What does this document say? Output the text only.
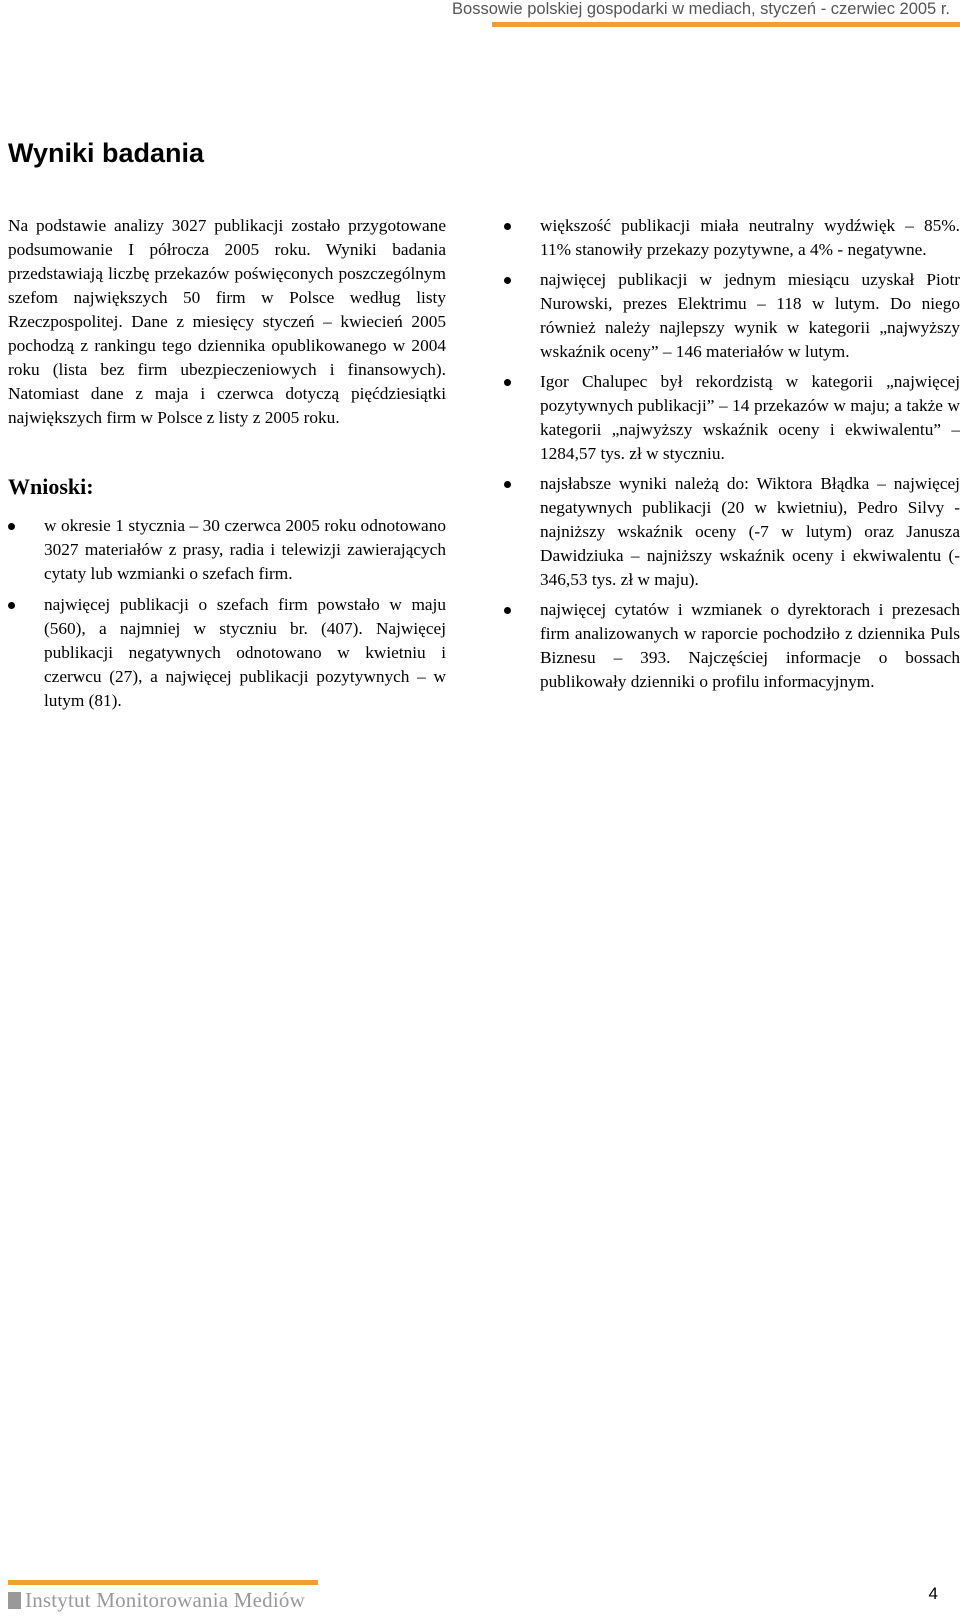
Bossowie polskiej gospodarki w mediach, styczeń - czerwiec 2005 r.
Wyniki badania

Na podstawie analizy 3027 publikacji zostało przygotowane podsumowanie I półrocza 2005 roku. Wyniki badania przedstawiają liczbę przekazów poświęconych poszczególnym szefom największych 50 firm w Polsce według listy Rzeczpospolitej. Dane z miesięcy styczeń – kwiecień 2005 pochodzą z rankingu tego dziennika opublikowanego w 2004 roku (lista bez firm ubezpieczeniowych i finansowych). Natomiast dane z maja i czerwca dotyczą pięćdziesiątki największych firm w Polsce z listy z 2005 roku.

Wnioski:
w okresie 1 stycznia – 30 czerwca 2005 roku odnotowano 3027 materiałów z prasy, radia i telewizji zawierających cytaty lub wzmianki o szefach firm.
najwięcej publikacji o szefach firm powstało w maju (560), a najmniej w styczniu br. (407). Najwięcej publikacji negatywnych odnotowano w kwietniu i czerwcu (27), a najwięcej publikacji pozytywnych – w lutym (81).
większość publikacji miała neutralny wydźwięk – 85%. 11% stanowiły przekazy pozytywne, a 4% - negatywne.
najwięcej publikacji w jednym miesiącu uzyskał Piotr Nurowski, prezes Elektrimu – 118 w lutym. Do niego również należy najlepszy wynik w kategorii „najwyższy wskaźnik oceny” – 146 materiałów w lutym.
Igor Chalupec był rekordzistą w kategorii „najwięcej pozytywnych publikacji” – 14 przekazów w maju; a także w kategorii „najwyższy wskaźnik oceny i ekwiwalentu” – 1284,57 tys. zł w styczniu.
najsłabsze wyniki należą do: Wiktora Błądka – najwięcej negatywnych publikacji (20 w kwietniu), Pedro Silvy - najniższy wskaźnik oceny (-7 w lutym) oraz Janusza Dawidziuka – najniższy wskaźnik oceny i ekwiwalentu (- 346,53 tys. zł w maju).
najwięcej cytatów i wzmianek o dyrektorach i prezesach firm analizowanych w raporcie pochodziło z dziennika Puls Biznesu – 393. Najczęściej informacje o bossach publikowały dzienniki o profilu informacyjnym.
Instytut Monitorowania Mediów	4
